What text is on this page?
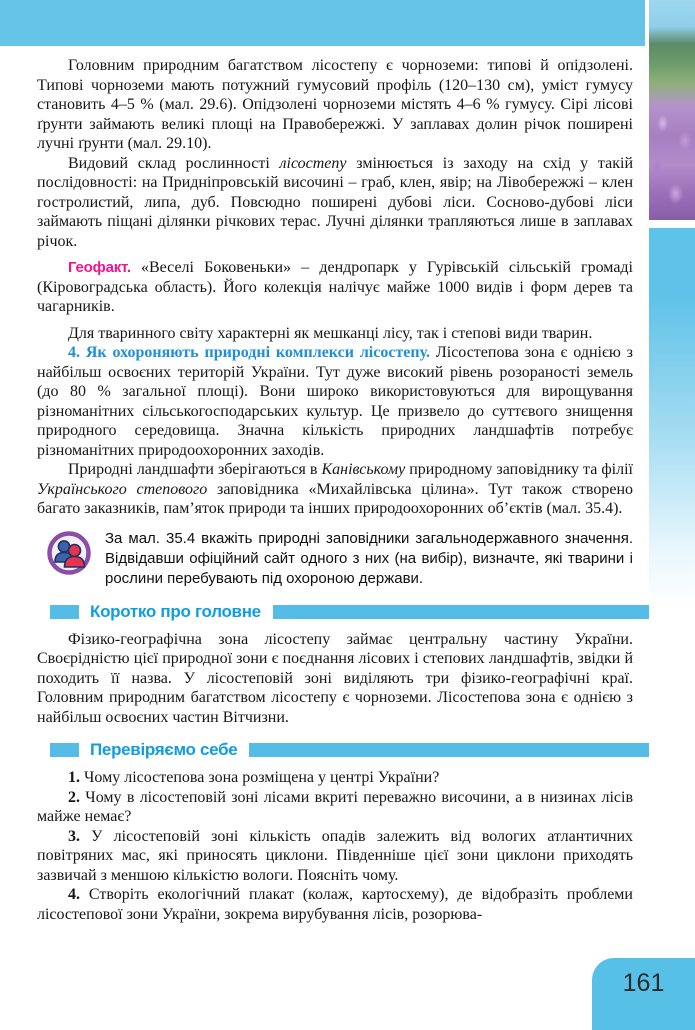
Головним природним багатством лісостепу є чорноземи: типові й опідзолені. Типові чорноземи мають потужний гумусовий профіль (120–130 см), уміст гумусу становить 4–5 % (мал. 29.6). Опідзолені чорноземи містять 4–6 % гумусу. Сірі лісові ґрунти займають великі площі на Правобережжі. У заплавах долин річок поширені лучні ґрунти (мал. 29.10).

Видовий склад рослинності лісостепу змінюється із заходу на схід у такій послідовності: на Придніпровській височині – граб, клен, явір; на Лівобережжі – клен гостролистий, липа, дуб. Повсюдно поширені дубові ліси. Сосново-дубові ліси займають піщані ділянки річкових терас. Лучні ділянки трапляються лише в заплавах річок.

Геофакт. «Веселі Боковеньки» – дендропарк у Гурівській сільській громаді (Кіровоградська область). Його колекція налічує майже 1000 видів і форм дерев та чагарників.

Для тваринного світу характерні як мешканці лісу, так і степові види тварин.

4. Як охороняють природні комплекси лісостепу. Лісостепова зона є однією з найбільш освоєних територій України. Тут дуже високий рівень розораності земель (до 80 % загальної площі). Вони широко використовуються для вирощування різноманітних сільськогосподарських культур. Це призвело до суттєвого знищення природного середовища. Значна кількість природних ландшафтів потребує різноманітних природоохоронних заходів.

Природні ландшафти зберігаються в Канівському природному заповіднику та філії Українського степового заповідника «Михайлівська цілина». Тут також створено багато заказників, пам’яток природи та інших природоохоронних об’єктів (мал. 35.4).

За мал. 35.4 вкажіть природні заповідники загальнодержавного значення. Відвідавши офіційний сайт одного з них (на вибір), визначте, які тварини і рослини перебувають під охороною держави.
Коротко про головне

Фізико-географічна зона лісостепу займає центральну частину України. Своєрідністю цієї природної зони є поєднання лісових і степових ландшафтів, звідки й походить її назва. У лісостеповій зоні виділяють три фізико-географічні краї. Головним природним багатством лісостепу є чорноземи. Лісостепова зона є однією з найбільш освоєних частин Вітчизни.

Перевіряємо себе

1. Чому лісостепова зона розміщена у центрі України?

2. Чому в лісостеповій зоні лісами вкриті переважно височини, а в низинах лісів майже немає?

3. У лісостеповій зоні кількість опадів залежить від вологих атлантичних повітряних мас, які приносять циклони. Південніше цієї зони циклони приходять зазвичай з меншою кількістю вологи. Поясніть чому.

4. Створіть екологічний плакат (колаж, картосхему), де відобразіть проблеми лісостепової зони України, зокрема вирубування лісів, розорюва-

161
